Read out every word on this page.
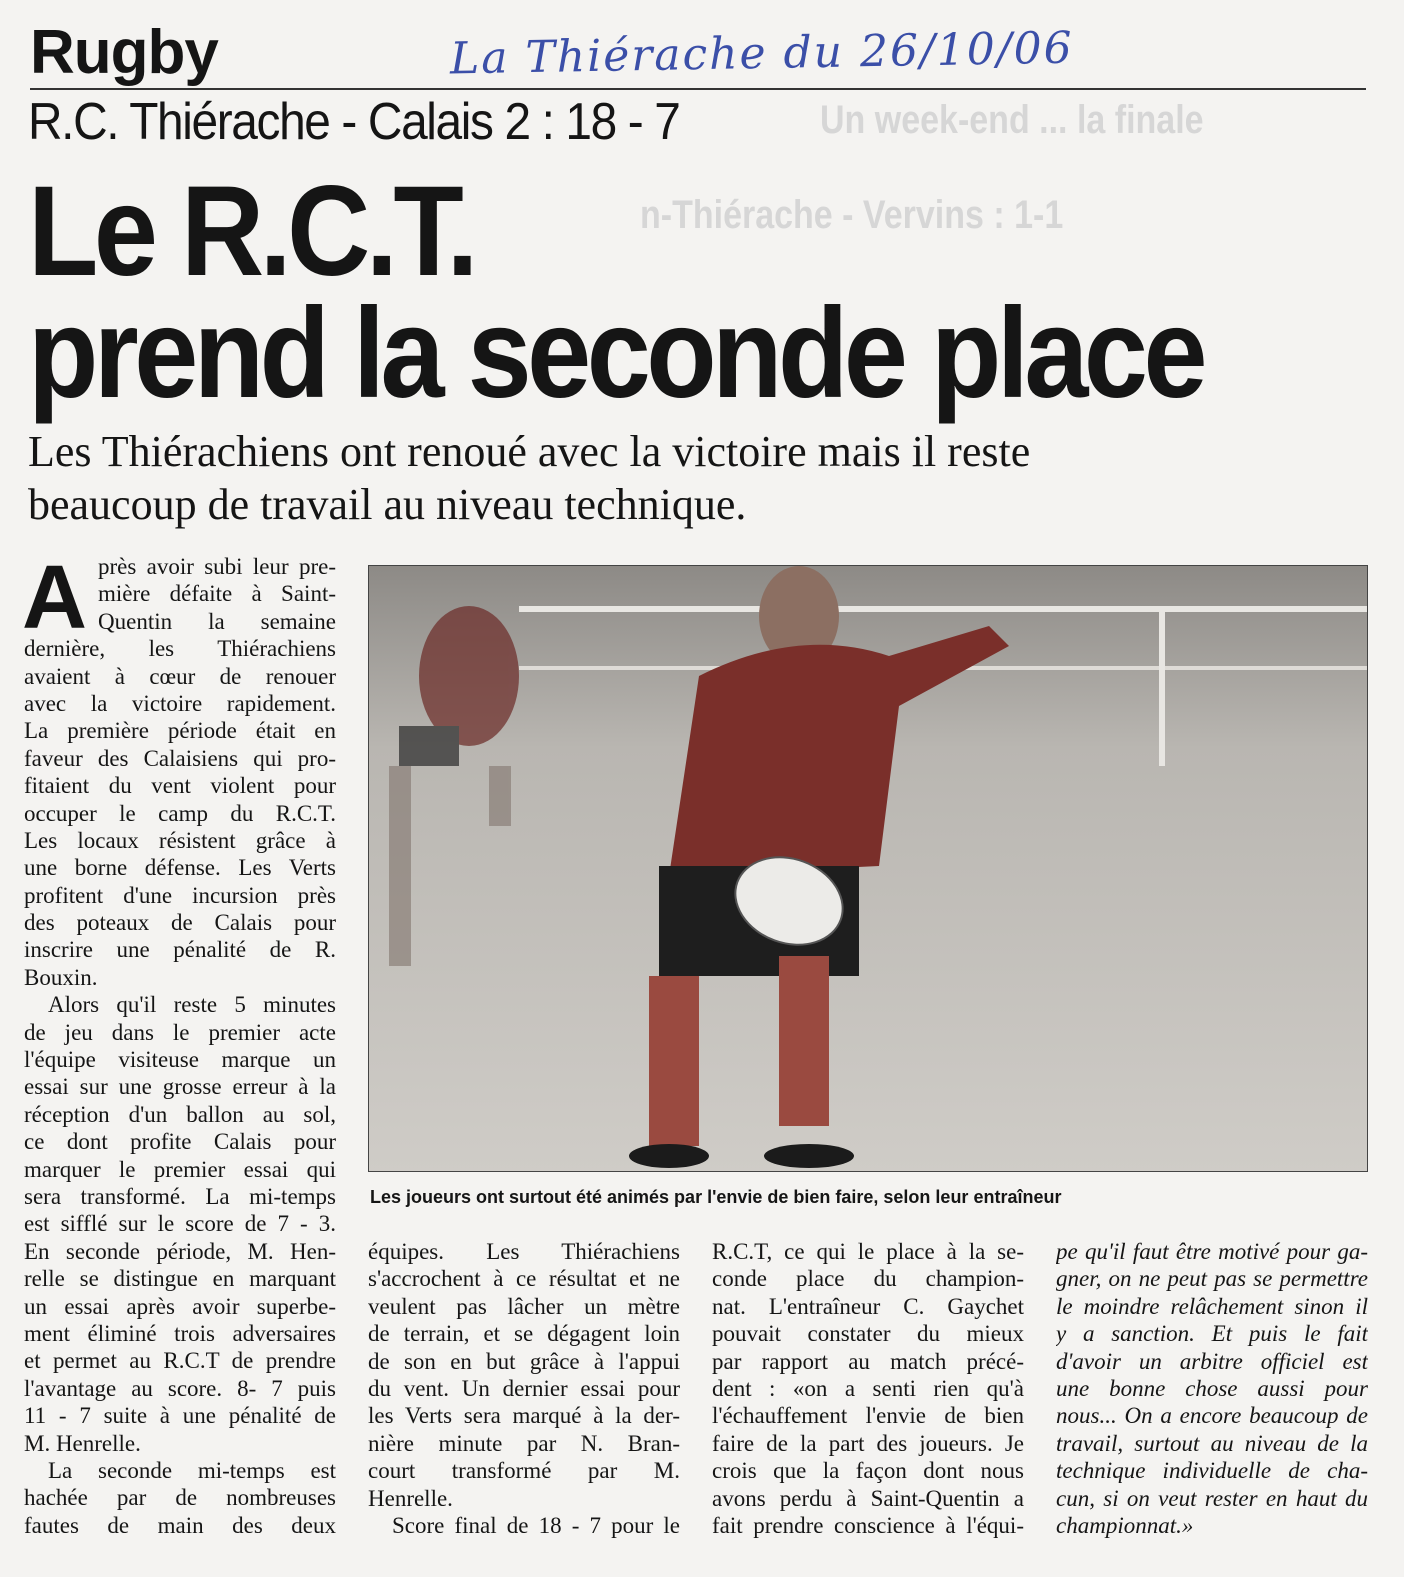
Un week-end ... la finale
n-Thiérache - Vervins : 1-1
Rugby	La Thiérache du 26/10/06
R.C. Thiérache - Calais 2 : 18 - 7
Le R.C.T.
prend la seconde place
Les Thiérachiens ont renoué avec la victoire mais il reste
beaucoup de travail au niveau technique.
A près avoir subi leur pre-
mière défaite à Saint-
Quentin la semaine
dernière, les Thiérachiens
avaient à cœur de renouer
avec la victoire rapidement.
La première période était en
faveur des Calaisiens qui pro-
fitaient du vent violent pour
occuper le camp du R.C.T.
Les locaux résistent grâce à
une borne défense. Les Verts
profitent d'une incursion près
des poteaux de Calais pour
inscrire une pénalité de R.
Bouxin.
Alors qu'il reste 5 minutes
de jeu dans le premier acte
l'équipe visiteuse marque un
essai sur une grosse erreur à la
réception d'un ballon au sol,
ce dont profite Calais pour
marquer le premier essai qui
sera transformé. La mi-temps
est sifflé sur le score de 7 - 3.
En seconde période, M. Hen-
relle se distingue en marquant
un essai après avoir superbe-
ment éliminé trois adversaires
et permet au R.C.T de prendre
l'avantage au score. 8- 7 puis
11 - 7 suite à une pénalité de
M. Henrelle.
La seconde mi-temps est
hachée par de nombreuses
fautes de main des deux
équipes. Les Thiérachiens
s'accrochent à ce résultat et ne
veulent pas lâcher un mètre
de terrain, et se dégagent loin
de son en but grâce à l'appui
du vent. Un dernier essai pour
les Verts sera marqué à la der-
nière minute par N. Bran-
court transformé par M.
Henrelle.
Score final de 18 - 7 pour le
R.C.T, ce qui le place à la se-
conde place du champion-
nat. L'entraîneur C. Gaychet
pouvait constater du mieux
par rapport au match précé-
dent : «on a senti rien qu'à
l'échauffement l'envie de bien
faire de la part des joueurs. Je
crois que la façon dont nous
avons perdu à Saint-Quentin a
fait prendre conscience à l'équi-
pe qu'il faut être motivé pour ga-
gner, on ne peut pas se permettre
le moindre relâchement sinon il
y a sanction. Et puis le fait
d'avoir un arbitre officiel est
une bonne chose aussi pour
nous... On a encore beaucoup de
travail, surtout au niveau de la
technique individuelle de cha-
cun, si on veut rester en haut du
championnat.»
Les joueurs ont surtout été animés par l'envie de bien faire, selon leur entraîneur
